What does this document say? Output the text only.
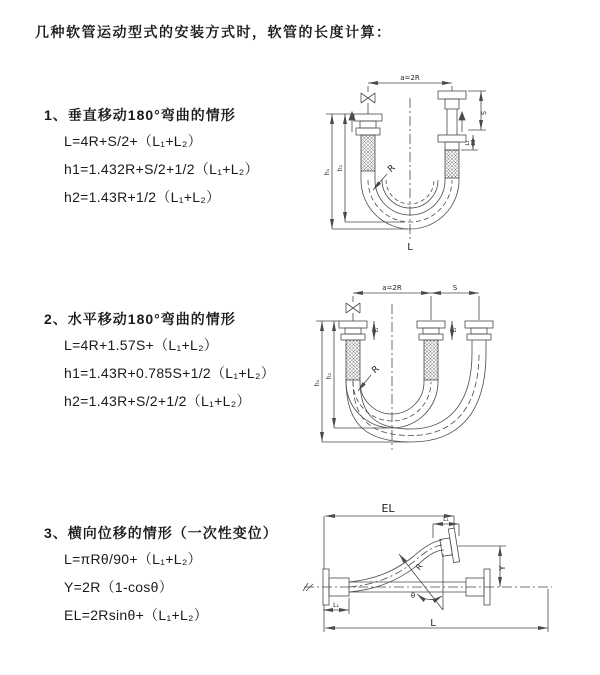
几种软管运动型式的安装方式时，软管的长度计算：
1、垂直移动180°弯曲的情形
L=4R+S/2+（L₁+L₂）
h1=1.432R+S/2+1/2（L₁+L₂）
h2=1.43R+1/2（L₁+L₂）
2、水平移动180°弯曲的情形
L=4R+1.57S+（L₁+L₂）
h1=1.43R+0.785S+1/2（L₁+L₂）
h2=1.43R+S/2+1/2（L₁+L₂）
3、横向位移的情形（一次性变位）
L=πRθ/90+（L₁+L₂）
Y=2R（1-cosθ）
EL=2Rsinθ+（L₁+L₂）
a=2R
S
L₁
h₁
h₂	R
L
a=2R	S
L₁	L₁
h₁
h₂
R
EL
L₁
Y
R
θ
L₁
L
